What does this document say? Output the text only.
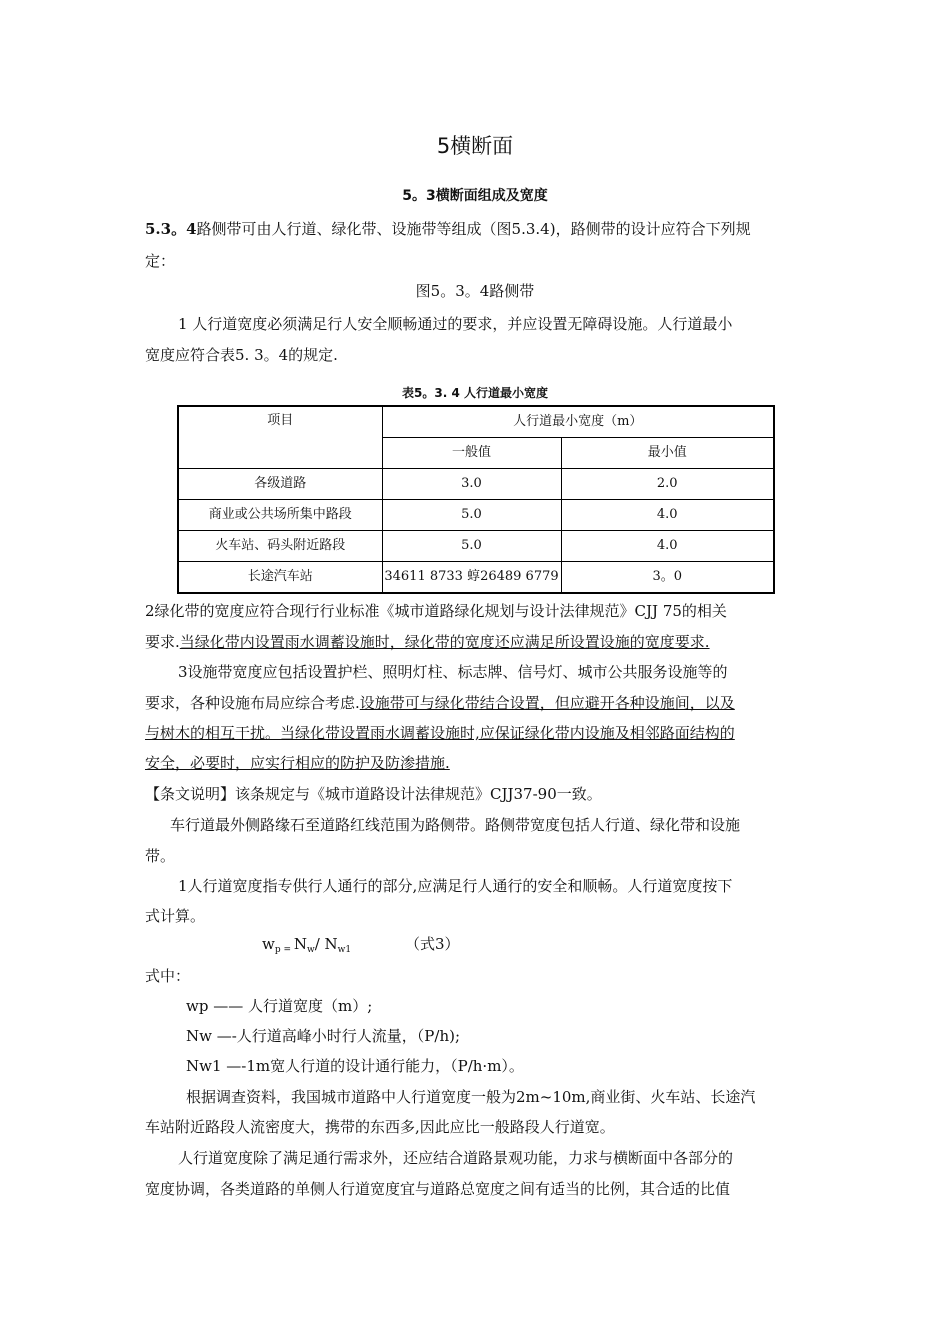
5横断面
5。3横断面组成及宽度
5.3。4路侧带可由人行道、绿化带、设施带等组成（图5.3.4)，路侧带的设计应符合下列规
定：
图5。3。4路侧带
1 人行道宽度必须满足行人安全顺畅通过的要求，并应设置无障碍设施。人行道最小
宽度应符合表5. 3。4的规定.
表5。3. 4 人行道最小宽度
项目	人行道最小宽度（m）	
	一般值	最小值
各级道路	3.0	2.0
商业或公共场所集中路段	5.0	4.0
火车站、码头附近路段	5.0	4.0
长途汽车站	34611 8733 蜳26489 6779	3。0
2绿化带的宽度应符合现行行业标准《城市道路绿化规划与设计法律规范》CJJ 75的相关
要求.当绿化带内设置雨水调蓄设施时，绿化带的宽度还应满足所设置设施的宽度要求.
3设施带宽度应包括设置护栏、照明灯柱、标志牌、信号灯、城市公共服务设施等的
要求，各种设施布局应综合考虑.设施带可与绿化带结合设置，但应避开各种设施间，以及
与树木的相互干扰。当绿化带设置雨水调蓄设施时,应保证绿化带内设施及相邻路面结构的
安全，必要时，应实行相应的防护及防渗措施.
【条文说明】该条规定与《城市道路设计法律规范》CJJ37-90一致。
车行道最外侧路缘石至道路红线范围为路侧带。路侧带宽度包括人行道、绿化带和设施
带。
1人行道宽度指专供行人通行的部分,应满足行人通行的安全和顺畅。人行道宽度按下
式计算。
$w_p$ $_=$ $N_w/$ $N_{w1}$	（式3）
式中：
wp —— 人行道宽度（m）;
Nw —-人行道高峰小时行人流量，（P/h);
Nw1 —-1m宽人行道的设计通行能力，（P/h·m）。
根据调查资料，我国城市道路中人行道宽度一般为2m~10m,商业街、火车站、长途汽
车站附近路段人流密度大，携带的东西多,因此应比一般路段人行道宽。
人行道宽度除了满足通行需求外，还应结合道路景观功能，力求与横断面中各部分的
宽度协调，各类道路的单侧人行道宽度宜与道路总宽度之间有适当的比例，其合适的比值
